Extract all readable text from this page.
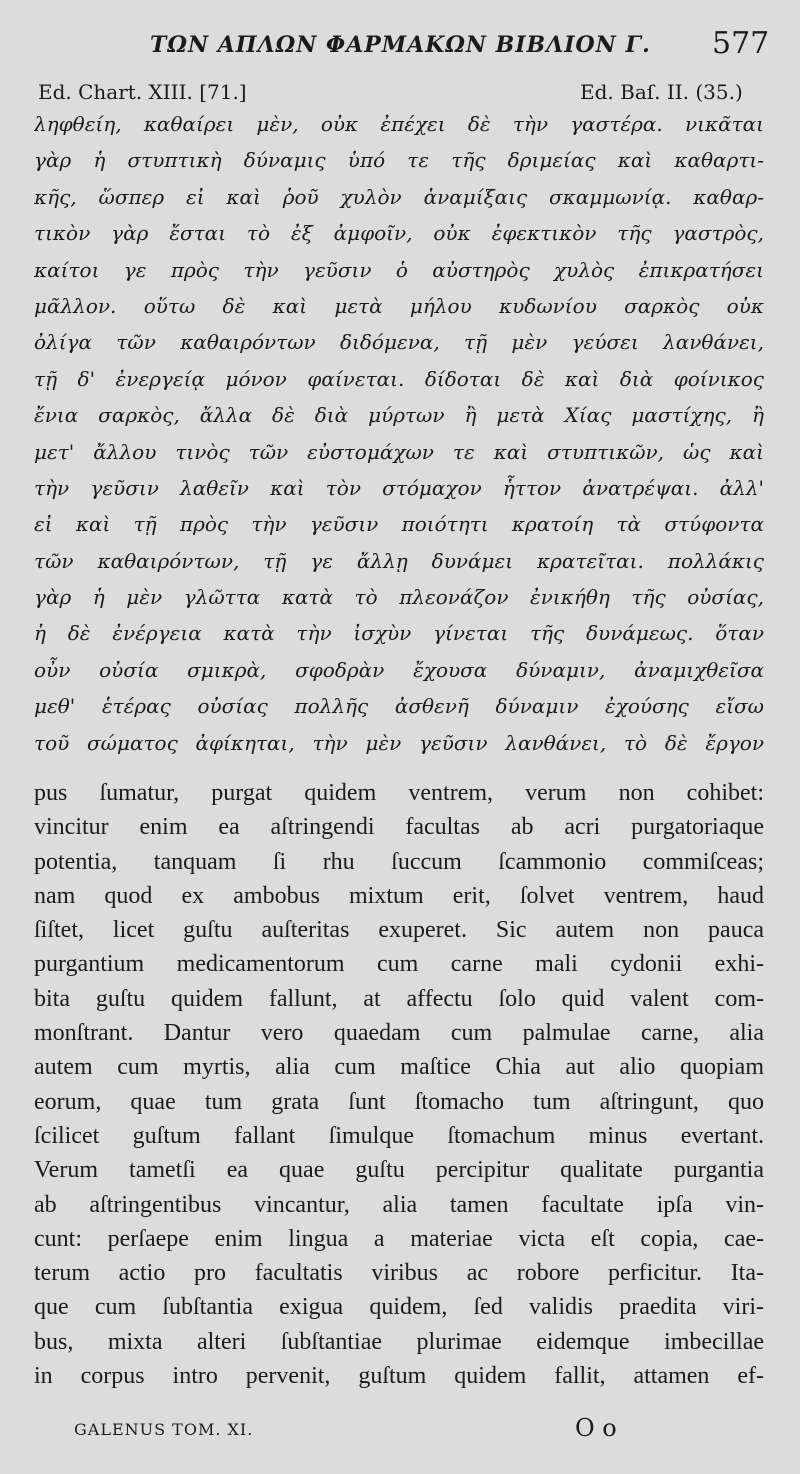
ΤΩΝ ΑΠΛΩΝ ΦΑΡΜΑΚΩΝ ΒΙΒΛΙΟΝ Γ. 577
Ed. Chart. XIII. [71.]	Ed. Baſ. II. (35.)
ληφθείη, καθαίρει μὲν, οὐκ ἐπέχει δὲ τὴν γαστέρα. νικᾶται
γὰρ ἡ στυπτικὴ δύναμις ὑπό τε τῆς δριμείας καὶ καθαρτι-
κῆς, ὥσπερ εἰ καὶ ῥοῦ χυλὸν ἀναμίξαις σκαμμωνίᾳ. καθαρ-
τικὸν γὰρ ἔσται τὸ ἐξ ἀμφοῖν, οὐκ ἐφεκτικὸν τῆς γαστρὸς,
καίτοι γε πρὸς τὴν γεῦσιν ὁ αὐστηρὸς χυλὸς ἐπικρατήσει
μᾶλλον. οὕτω δὲ καὶ μετὰ μήλου κυδωνίου σαρκὸς οὐκ
ὀλίγα τῶν καθαιρόντων διδόμενα, τῇ μὲν γεύσει λανθάνει,
τῇ δ' ἐνεργείᾳ μόνον φαίνεται. δίδοται δὲ καὶ διὰ φοίνικος
ἔνια σαρκὸς, ἄλλα δὲ διὰ μύρτων ἢ μετὰ Χίας μαστίχης, ἢ
μετ' ἄλλου τινὸς τῶν εὐστομάχων τε καὶ στυπτικῶν, ὡς καὶ
τὴν γεῦσιν λαθεῖν καὶ τὸν στόμαχον ἧττον ἀνατρέψαι. ἀλλ'
εἰ καὶ τῇ πρὸς τὴν γεῦσιν ποιότητι κρατοίη τὰ στύφοντα
τῶν καθαιρόντων, τῇ γε ἄλλῃ δυνάμει κρατεῖται. πολλάκις
γὰρ ἡ μὲν γλῶττα κατὰ τὸ πλεονάζον ἐνικήθη τῆς οὐσίας,
ἡ δὲ ἐνέργεια κατὰ τὴν ἰσχὺν γίνεται τῆς δυνάμεως. ὅταν
οὖν οὐσία σμικρὰ, σφοδρὰν ἔχουσα δύναμιν, ἀναμιχθεῖσα
μεθ' ἑτέρας οὐσίας πολλῆς ἀσθενῆ δύναμιν ἐχούσης εἴσω
τοῦ σώματος ἀφίκηται, τὴν μὲν γεῦσιν λανθάνει, τὸ δὲ ἔργον
pus ſumatur, purgat quidem ventrem, verum non cohibet:
vincitur enim ea aſtringendi facultas ab acri purgatoriaque
potentia, tanquam ſi rhu ſuccum ſcammonio commiſceas;
nam quod ex ambobus mixtum erit, ſolvet ventrem, haud
ſiſtet, licet guſtu auſteritas exuperet. Sic autem non pauca
purgantium medicamentorum cum carne mali cydonii exhi-
bita guſtu quidem fallunt, at affectu ſolo quid valent com-
monſtrant. Dantur vero quaedam cum palmulae carne, alia
autem cum myrtis, alia cum maſtice Chia aut alio quopiam
eorum, quae tum grata ſunt ſtomacho tum aſtringunt, quo
ſcilicet guſtum fallant ſimulque ſtomachum minus evertant.
Verum tametſi ea quae guſtu percipitur qualitate purgantia
ab aſtringentibus vincantur, alia tamen facultate ipſa vin-
cunt: perſaepe enim lingua a materiae victa eſt copia, cae-
terum actio pro facultatis viribus ac robore perficitur. Ita-
que cum ſubſtantia exigua quidem, ſed validis praedita viri-
bus, mixta alteri ſubſtantiae plurimae eidemque imbecillae
in corpus intro pervenit, guſtum quidem fallit, attamen ef-
GALENUS TOM. XI.	O o
